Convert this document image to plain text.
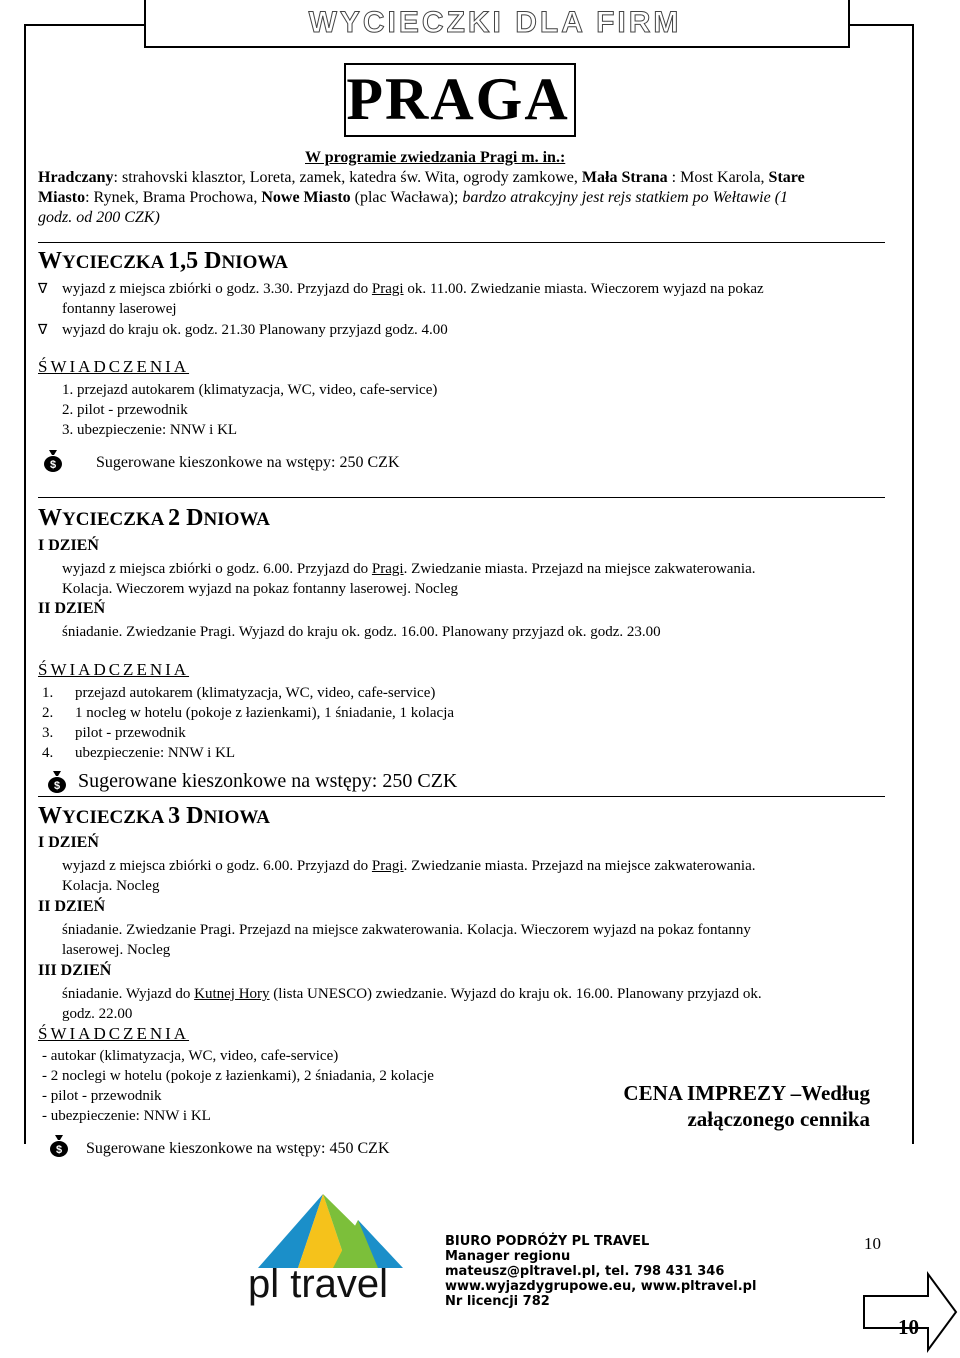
WYCIECZKI DLA FIRM
PRAGA
W programie zwiedzania Pragi m. in.:
Hradczany: strahovski klasztor, Loreta, zamek, katedra św. Wita, ogrody zamkowe, Mała Strana : Most Karola, Stare
Miasto: Rynek, Brama Prochowa, Nowe Miasto (plac Wacława); bardzo atrakcyjny jest rejs statkiem po Wełtawie (1
godz. od 200 CZK)
WYCIECZKA 1,5 DNIOWA
∇ wyjazd z miejsca zbiórki o godz. 3.30. Przyjazd do Pragi ok. 11.00. Zwiedzanie miasta. Wieczorem wyjazd na pokaz
fontanny laserowej
∇ wyjazd do kraju ok. godz. 21.30 Planowany przyjazd godz. 4.00
ŚWIADCZENIA
1. przejazd autokarem (klimatyzacja, WC, video, cafe-service)
2. pilot - przewodnik
3. ubezpieczenie: NNW i KL
$ Sugerowane kieszonkowe na wstępy: 250 CZK
WYCIECZKA 2 DNIOWA
I DZIEŃ
wyjazd z miejsca zbiórki o godz. 6.00. Przyjazd do Pragi. Zwiedzanie miasta. Przejazd na miejsce zakwaterowania.
Kolacja. Wieczorem wyjazd na pokaz fontanny laserowej. Nocleg
II DZIEŃ
śniadanie. Zwiedzanie Pragi. Wyjazd do kraju ok. godz. 16.00. Planowany przyjazd ok. godz. 23.00
ŚWIADCZENIA
1. przejazd autokarem (klimatyzacja, WC, video, cafe-service)
2. 1 nocleg w hotelu (pokoje z łazienkami), 1 śniadanie, 1 kolacja
3. pilot - przewodnik
4. ubezpieczenie: NNW i KL
$ Sugerowane kieszonkowe na wstępy: 250 CZK
WYCIECZKA 3 DNIOWA
I DZIEŃ
wyjazd z miejsca zbiórki o godz. 6.00. Przyjazd do Pragi. Zwiedzanie miasta. Przejazd na miejsce zakwaterowania.
Kolacja. Nocleg
II DZIEŃ
śniadanie. Zwiedzanie Pragi. Przejazd na miejsce zakwaterowania. Kolacja. Wieczorem wyjazd na pokaz fontanny
laserowej. Nocleg
III DZIEŃ
śniadanie. Wyjazd do Kutnej Hory (lista UNESCO) zwiedzanie. Wyjazd do kraju ok. 16.00. Planowany przyjazd ok.
godz. 22.00
ŚWIADCZENIA
- autokar (klimatyzacja, WC, video, cafe-service)
- 2 noclegi w hotelu (pokoje z łazienkami), 2 śniadania, 2 kolacje
- pilot - przewodnik
- ubezpieczenie: NNW i KL
CENA IMPREZY –Według
załączonego cennika
$ Sugerowane kieszonkowe na wstępy: 450 CZK
pl travel
BIURO PODRÓŻY PL TRAVEL
Manager regionu
mateusz@pltravel.pl, tel. 798 431 346
www.wyjazdygrupowe.eu, www.pltravel.pl
Nr licencji 782
10
10
